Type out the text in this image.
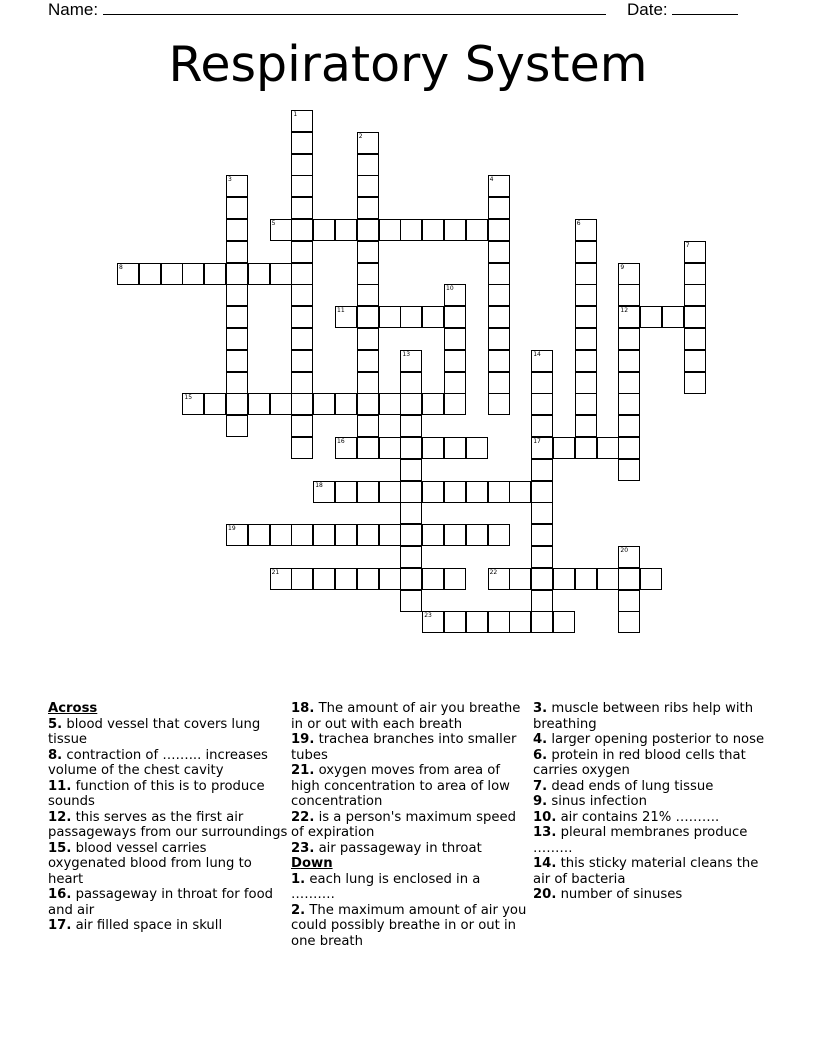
Name:	Date:
Respiratory System
1
2
3	4
5	6
7
8	9
12
10
11
13	14
17
15
16
18
19
20
21	22
23
Across
5. blood vessel that covers lung tissue
8. contraction of ……... increases volume of the chest cavity
11. function of this is to produce sounds
12. this serves as the first air passageways from our surroundings
15. blood vessel carries oxygenated blood from lung to heart
16. passageway in throat for food and air
17. air filled space in skull
18. The amount of air you breathe in or out with each breath
19. trachea branches into smaller tubes
21. oxygen moves from area of high concentration to area of low concentration
22. is a person's maximum speed of expiration
23. air passageway in throat
Down
1. each lung is enclosed in a ……….
2. The maximum amount of air you could possibly breathe in or out in one breath
3. muscle between ribs help with breathing
4. larger opening posterior to nose
6. protein in red blood cells that carries oxygen
7. dead ends of lung tissue
9. sinus infection
10. air contains 21% ……….
13. pleural membranes produce ………
14. this sticky material cleans the air of bacteria
20. number of sinuses
